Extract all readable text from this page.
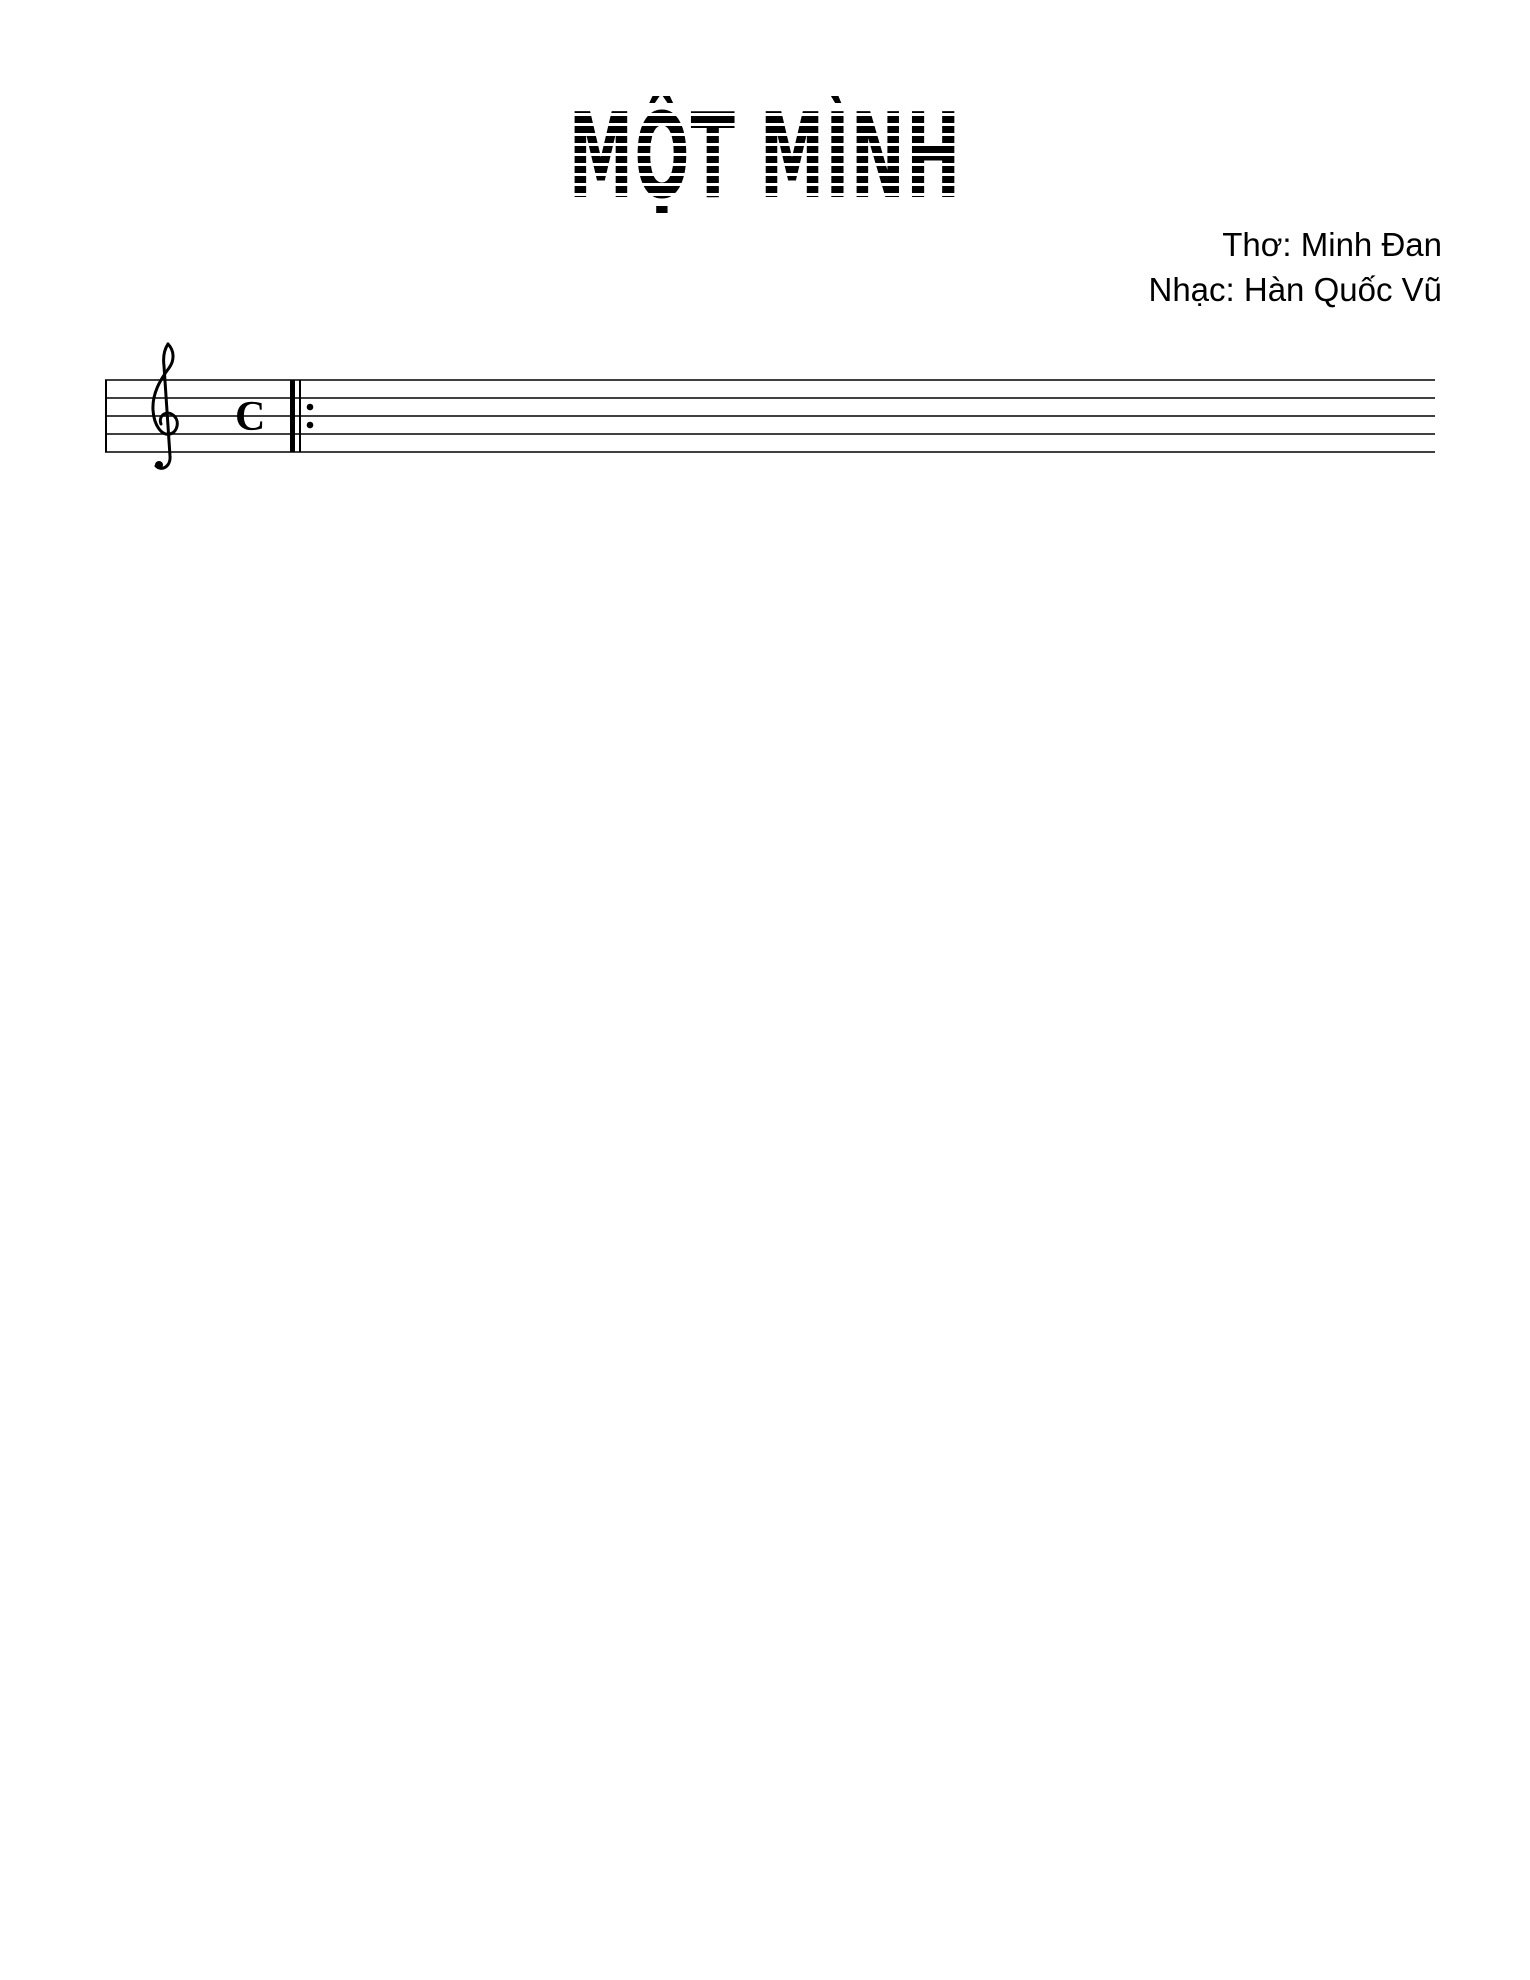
MỘT MÌNH
Thơ: Minh Đan
Nhạc: Hàn Quốc Vũ
C
